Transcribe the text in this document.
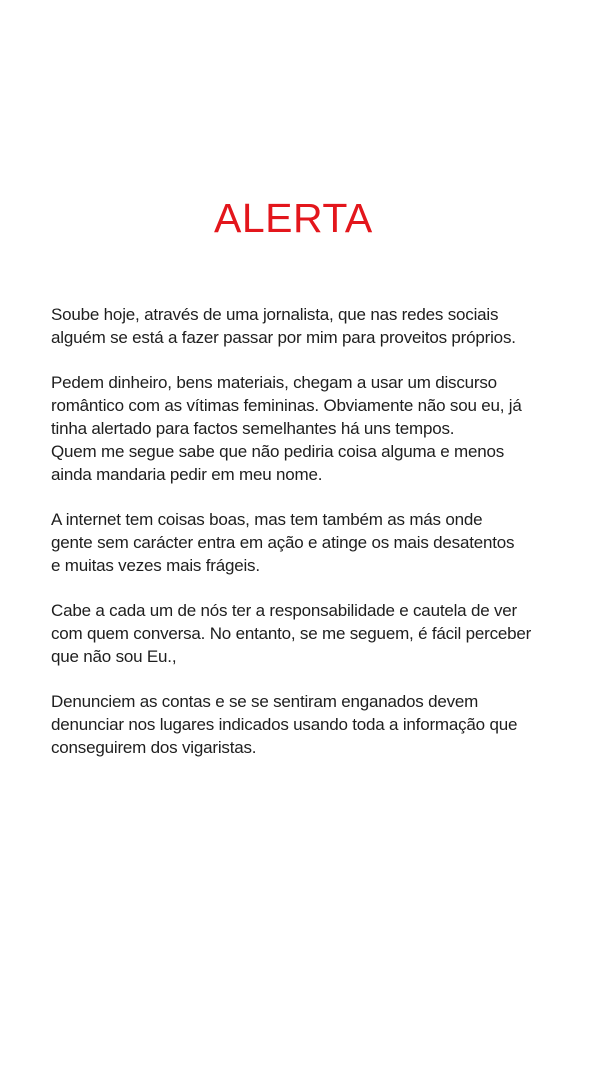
ALERTA

Soube hoje, através de uma jornalista, que nas redes sociais
alguém se está a fazer passar por mim para proveitos próprios.

Pedem dinheiro, bens materiais, chegam a usar um discurso
romântico com as vítimas femininas. Obviamente não sou eu, já
tinha alertado para factos semelhantes há uns tempos.
Quem me segue sabe que não pediria coisa alguma e menos
ainda mandaria pedir em meu nome.

A internet tem coisas boas, mas tem também as más onde
gente sem carácter entra em ação e atinge os mais desatentos
e muitas vezes mais frágeis.

Cabe a cada um de nós ter a responsabilidade e cautela de ver
com quem conversa. No entanto, se me seguem, é fácil perceber
que não sou Eu.,

Denunciem as contas e se se sentiram enganados devem
denunciar nos lugares indicados usando toda a informação que
conseguirem dos vigaristas.
